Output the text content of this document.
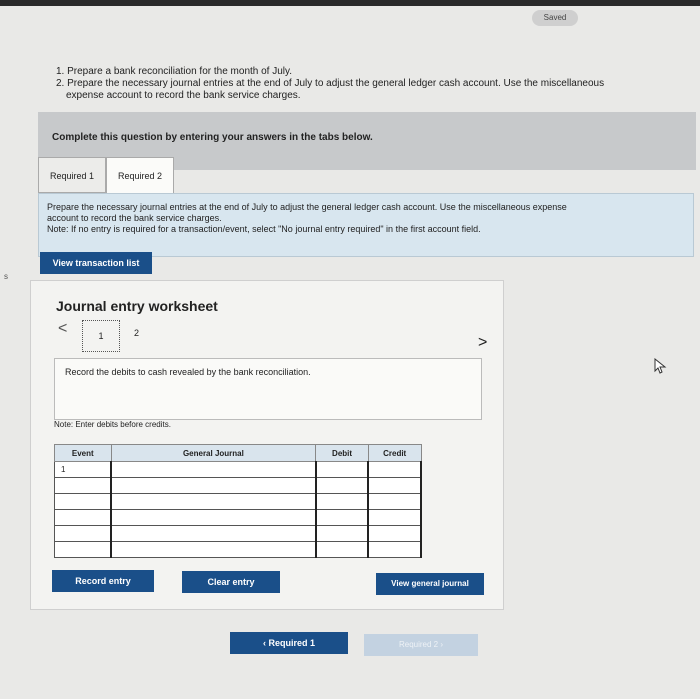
Saved
s
1. Prepare a bank reconciliation for the month of July.
2. Prepare the necessary journal entries at the end of July to adjust the general ledger cash account. Use the miscellaneous
expense account to record the bank service charges.
Complete this question by entering your answers in the tabs below.
Required 1	Required 2
Prepare the necessary journal entries at the end of July to adjust the general ledger cash account. Use the miscellaneous expense
account to record the bank service charges.
Note: If no entry is required for a transaction/event, select "No journal entry required" in the first account field.
View transaction list
Journal entry worksheet
<	1	2
>
Record the debits to cash revealed by the bank reconciliation.
Note: Enter debits before credits.
Event	General Journal	Debit	Credit
1			

Record entry	Clear entry	View general journal
‹ Required 1	Required 2 ›
